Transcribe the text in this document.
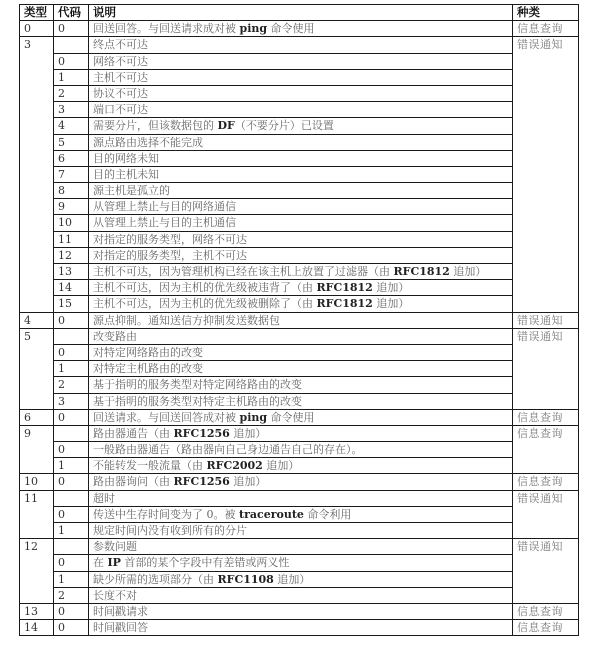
类型	代码	说明	种类
0	0	回送回答。与回送请求成对被 ping 命令使用	信息查询
3		终点不可达	错误通知
	0	网络不可达	
	1	主机不可达	
	2	协议不可达	
	3	端口不可达	
	4	需要分片，但该数据包的 DF（不要分片）已设置	
	5	源点路由选择不能完成	
	6	目的网络未知	
	7	目的主机未知	
	8	源主机是孤立的	
	9	从管理上禁止与目的网络通信	
	10	从管理上禁止与目的主机通信	
	11	对指定的服务类型，网络不可达	
	12	对指定的服务类型，主机不可达	
	13	主机不可达，因为管理机构已经在该主机上放置了过滤器（由 RFC1812 追加）	
	14	主机不可达，因为主机的优先级被违背了（由 RFC1812 追加）	
	15	主机不可达，因为主机的优先级被删除了（由 RFC1812 追加）	
4	0	源点抑制。通知送信方抑制发送数据包	错误通知
5		改变路由	错误通知
	0	对特定网络路由的改变	
	1	对特定主机路由的改变	
	2	基于指明的服务类型对特定网络路由的改变	
	3	基于指明的服务类型对特定主机路由的改变	
6	0	回送请求。与回送回答成对被 ping 命令使用	信息查询
9		路由器通告（由 RFC1256 追加）	信息查询
	0	一般路由器通告（路由器向自己身边通告自己的存在）。	
	1	不能转发一般流量（由 RFC2002 追加）	
10	0	路由器询问（由 RFC1256 追加）	信息查询
11		超时	错误通知
	0	传送中生存时间变为了 0。被 traceroute 命令利用	
	1	规定时间内没有收到所有的分片	
12		参数问题	错误通知
	0	在 IP 首部的某个字段中有差错或两义性	
	1	缺少所需的选项部分（由 RFC1108 追加）	
	2	长度不对	
13	0	时间戳请求	信息查询
14	0	时间戳回答	信息查询
